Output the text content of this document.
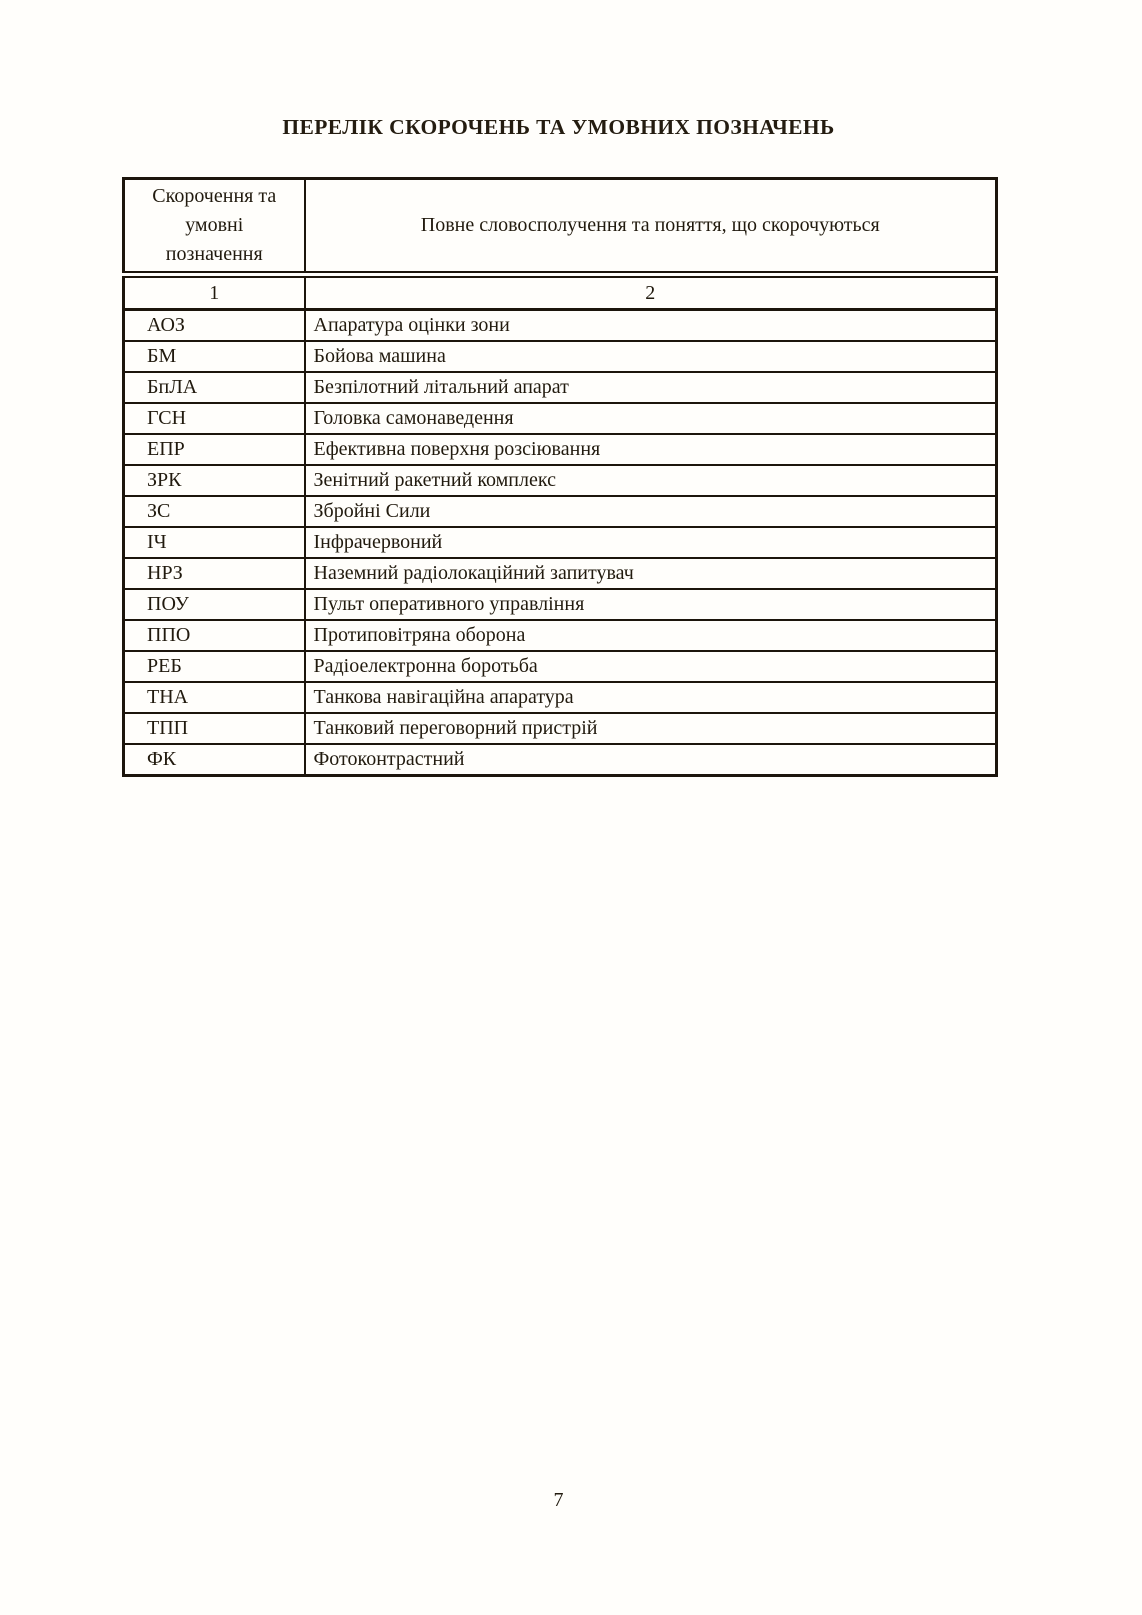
ПЕРЕЛІК СКОРОЧЕНЬ ТА УМОВНИХ ПОЗНАЧЕНЬ
Скорочення та умовні позначення	Повне словосполучення та поняття, що скорочуються
1	2
АОЗ	Апаратура оцінки зони
БМ	Бойова машина
БпЛА	Безпілотний літальний апарат
ГСН	Головка самонаведення
ЕПР	Ефективна поверхня розсіювання
ЗРК	Зенітний ракетний комплекс
ЗС	Збройні Сили
ІЧ	Інфрачервоний
НРЗ	Наземний радіолокаційний запитувач
ПОУ	Пульт оперативного управління
ППО	Протиповітряна оборона
РЕБ	Радіоелектронна боротьба
ТНА	Танкова навігаційна апаратура
ТПП	Танковий переговорний пристрій
ФК	Фотоконтрастний
7
